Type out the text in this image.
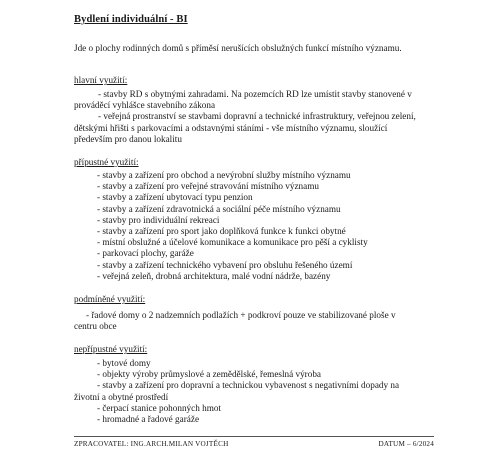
Bydlení individuální - BI
Jde o plochy rodinných domů s příměsí nerušících obslužných funkcí místního významu.
hlavní využití:
- stavby RD s obytnými zahradami. Na pozemcích RD lze umístit stavby stanovené v
prováděcí vyhlášce stavebního zákona
- veřejná prostranství se stavbami dopravní a technické infrastruktury, veřejnou zelení,
dětskými hřišti s parkovacími a odstavnými stáními - vše místního významu, sloužící
především pro danou lokalitu
přípustné využití:
- stavby a zařízení pro obchod a nevýrobní služby místního významu
- stavby a zařízení pro veřejné stravování místního významu
- stavby a zařízení ubytovací typu penzion
- stavby a zařízení zdravotnická a sociální péče místního významu
- stavby pro individuální rekreaci
- stavby a zařízení pro sport jako doplňková funkce k funkci obytné
- místní obslužné a účelové komunikace a komunikace pro pěší a cyklisty
- parkovací plochy, garáže
- stavby a zařízení technického vybavení pro obsluhu řešeného území
- veřejná zeleň, drobná architektura, malé vodní nádrže, bazény
podmíněné využití:
- řadové domy o 2 nadzemních podlažích + podkroví pouze ve stabilizované ploše v
centru obce
nepřípustné využití:
- bytové domy
- objekty výroby průmyslové a zemědělské, řemeslná výroba
- stavby a zařízení pro dopravní a technickou vybavenost s negativními dopady na
životní a obytné prostředí
- čerpací stanice pohonných hmot
- hromadné a řadové garáže
ZPRACOVATEL: ING.ARCH.MILAN VOJTĚCH	DATUM – 6/2024
